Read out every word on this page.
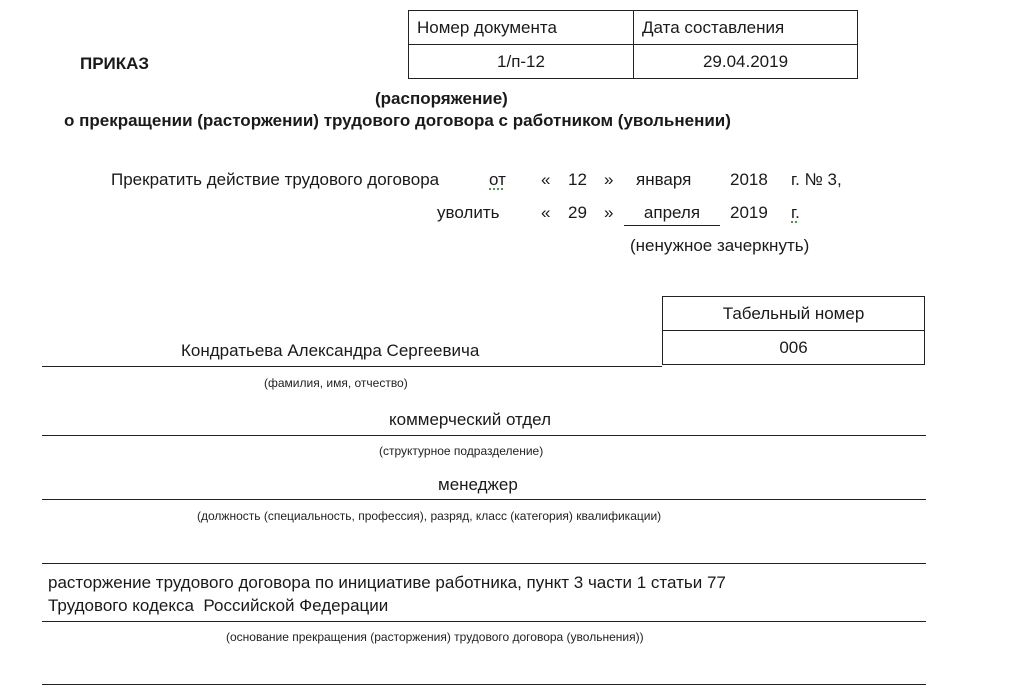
ПРИКАЗ
Номер документа	Дата составления
1/п-12	29.04.2019
(распоряжение)
о прекращении (расторжении) трудового договора с работником (увольнении)
Прекратить действие трудового договора	от « 12 » января 2018 г. № 3,
уволить « 29 »	апреля	2019 г.
(ненужное зачеркнуть)
Табельный номер
006
Кондратьева Александра Сергеевича
(фамилия, имя, отчество)
коммерческий отдел
(структурное подразделение)
менеджер
(должность (специальность, профессия), разряд, класс (категория) квалификации)
расторжение трудового договора по инициативе работника, пункт 3 части 1 статьи 77
Трудового кодекса  Российской Федерации
(основание прекращения (расторжения) трудового договора (увольнения))
